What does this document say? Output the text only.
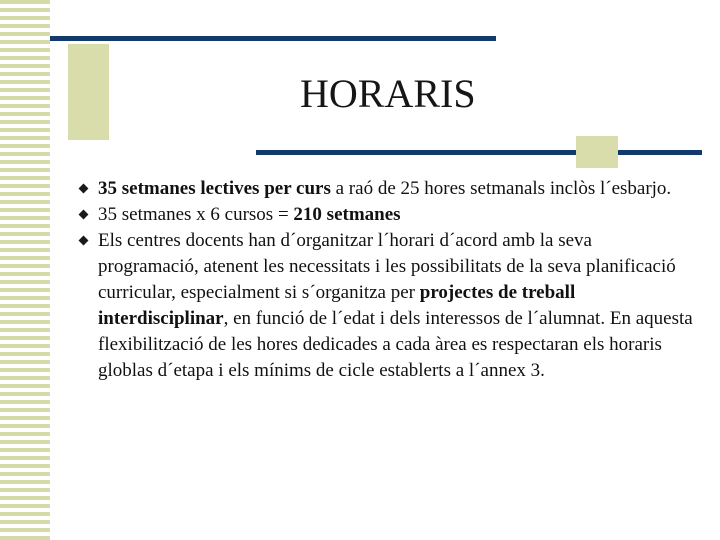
HORARIS

35 setmanes lectives per curs a raó de 25 hores setmanals inclòs l´esbarjo.

35 setmanes x 6 cursos = 210 setmanes

Els centres docents han d´organitzar l´horari d´acord amb la seva programació, atenent les necessitats i les possibilitats de la seva planificació curricular, especialment si s´organitza per projectes de treball interdisciplinar, en funció de l´edat i dels interessos de l´alumnat. En aquesta flexibilització de les hores dedicades a cada àrea es respectaran els horaris globlas d´etapa i els mínims de cicle establerts a l´annex 3.
